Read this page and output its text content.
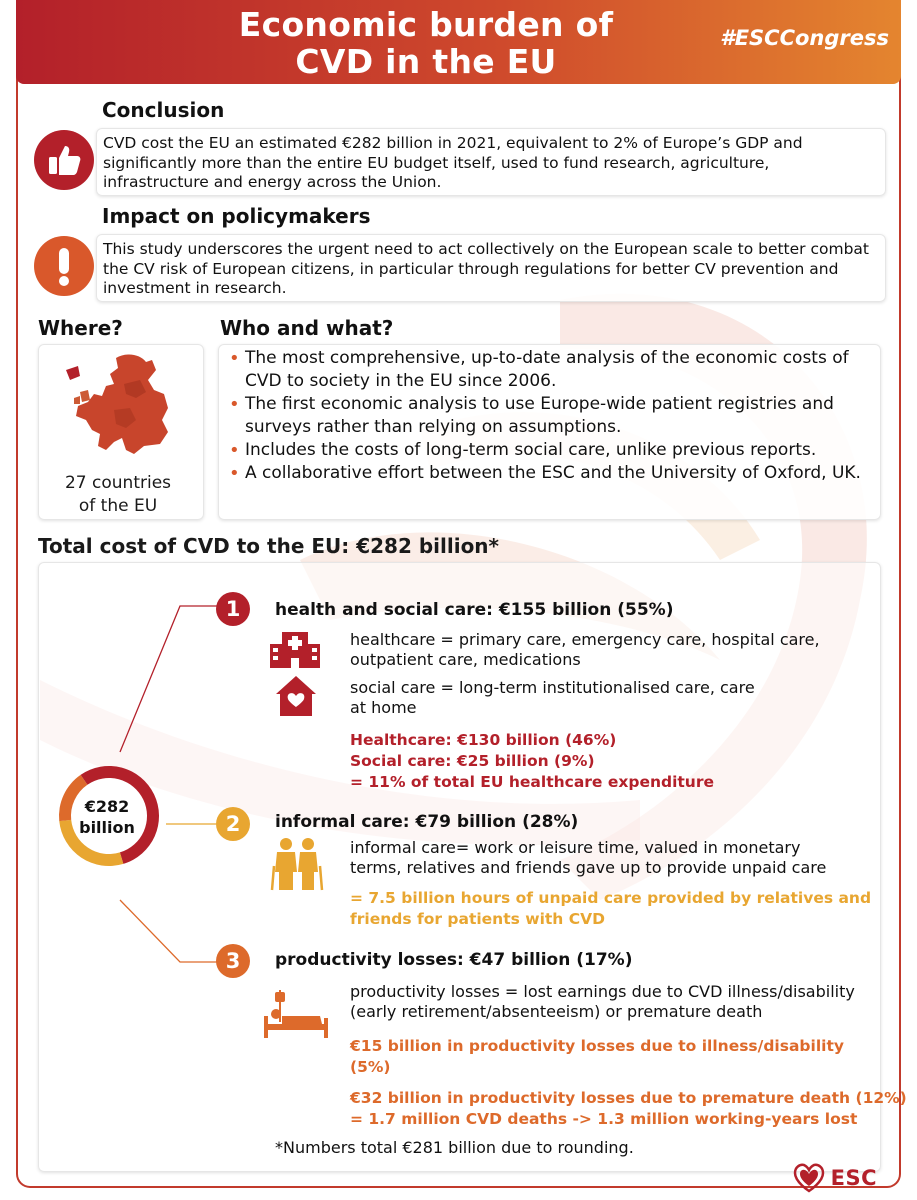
Economic burden of
CVD in the EU
#ESCCongress
Conclusion
CVD cost the EU an estimated €282 billion in 2021, equivalent to 2% of Europe’s GDP and significantly more than the entire EU budget itself, used to fund research, agriculture, infrastructure and energy across the Union.
Impact on policymakers
This study underscores the urgent need to act collectively on the European scale to better combat the CV risk of European citizens, in particular through regulations for better CV prevention and investment in research.
Where?
27 countries
of the EU
Who and what?
• The most comprehensive, up-to-date analysis of the economic costs of CVD to society in the EU since 2006.
• The first economic analysis to use Europe-wide patient registries and surveys rather than relying on assumptions.
• Includes the costs of long-term social care, unlike previous reports.
• A collaborative effort between the ESC and the University of Oxford, UK.
Total cost of CVD to the EU: €282 billion*
€282
billion
1	health and social care: €155 billion (55%)
healthcare = primary care, emergency care, hospital care,
outpatient care, medications
social care = long-term institutionalised care, care
at home
Healthcare: €130 billion (46%)
Social care: €25 billion (9%)
= 11% of total EU healthcare expenditure
2	informal care: €79 billion (28%)
informal care= work or leisure time, valued in monetary
terms, relatives and friends gave up to provide unpaid care
= 7.5 billion hours of unpaid care provided by relatives and
friends for patients with CVD
3	productivity losses: €47 billion (17%)
productivity losses = lost earnings due to CVD illness/disability
(early retirement/absenteeism) or premature death
€15 billion in productivity losses due to illness/disability
(5%)
€32 billion in productivity losses due to premature death (12%)
= 1.7 million CVD deaths -> 1.3 million working-years lost
*Numbers total €281 billion due to rounding.
ESC
